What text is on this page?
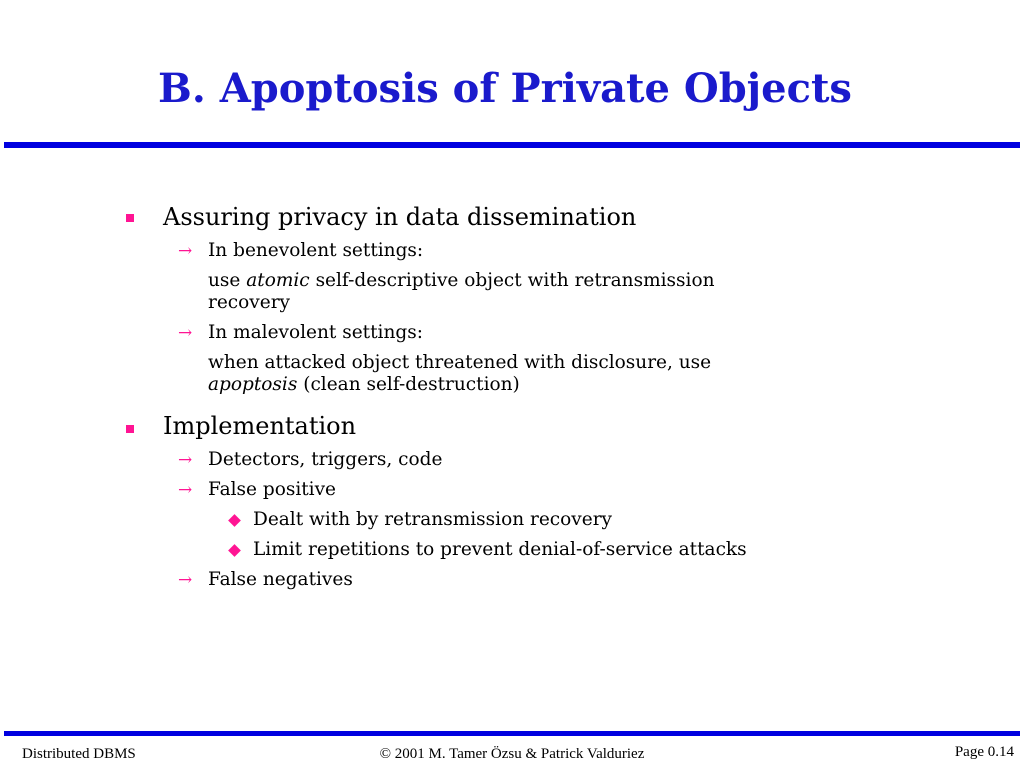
B. Apoptosis of Private Objects
Assuring privacy in data dissemination
→ In benevolent settings:
use atomic self-descriptive object with retransmission
recovery
→ In malevolent settings:
when attacked object threatened with disclosure, use
apoptosis (clean self-destruction)
Implementation
→ Detectors, triggers, code
→ False positive
Dealt with by retransmission recovery
Limit repetitions to prevent denial-of-service attacks
→ False negatives
Distributed DBMS	© 2001 M. Tamer Özsu & Patrick Valduriez	Page 0.14
